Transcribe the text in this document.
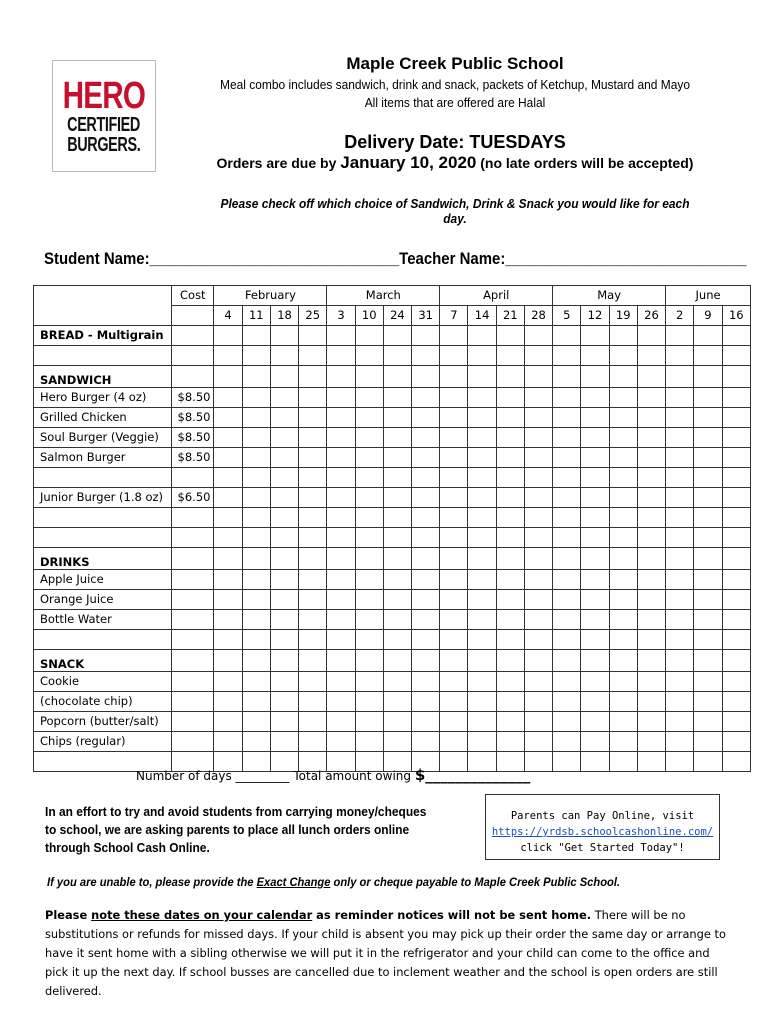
HERO
CERTIFIED
BURGERS.
Maple Creek Public School
Meal combo includes sandwich, drink and snack, packets of Ketchup, Mustard and Mayo
All items that are offered are Halal
Delivery Date: TUESDAYS
Orders are due by January 10, 2020 (no late orders will be accepted)
Please check off which choice of Sandwich, Drink & Snack you would like for each day.
Student Name:______________________________Teacher Name:_____________________________
	Cost	February				March				April				May				June		
		4	11	18	25	3	10	24	31	7	14	21	28	5	12	19	26	2	9	16
BREAD - Multigrain																				

SANDWICH																				
Hero Burger (4 oz)	$8.50																			
Grilled Chicken	$8.50																			
Soul Burger (Veggie)	$8.50																			
Salmon Burger	$8.50																			

Junior Burger (1.8 oz)	$6.50																			

DRINKS																				
Apple Juice																				
Orange Juice																				
Bottle Water																				

SNACK																				
Cookie																				
(chocolate chip)																				
Popcorn (butter/salt)																				
Chips (regular)																				

Number of days _________ Total amount owing $______________
In an effort to try and avoid students from carrying money/cheques to school, we are asking parents to place all lunch orders online through School Cash Online.
Parents can Pay Online, visit
https://yrdsb.schoolcashonline.com/
click "Get Started Today"!
If you are unable to, please provide the Exact Change only or cheque payable to Maple Creek Public School.
Please note these dates on your calendar as reminder notices will not be sent home. There will be no substitutions or refunds for missed days. If your child is absent you may pick up their order the same day or arrange to have it sent home with a sibling otherwise we will put it in the refrigerator and your child can come to the office and pick it up the next day. If school busses are cancelled due to inclement weather and the school is open orders are still delivered.
